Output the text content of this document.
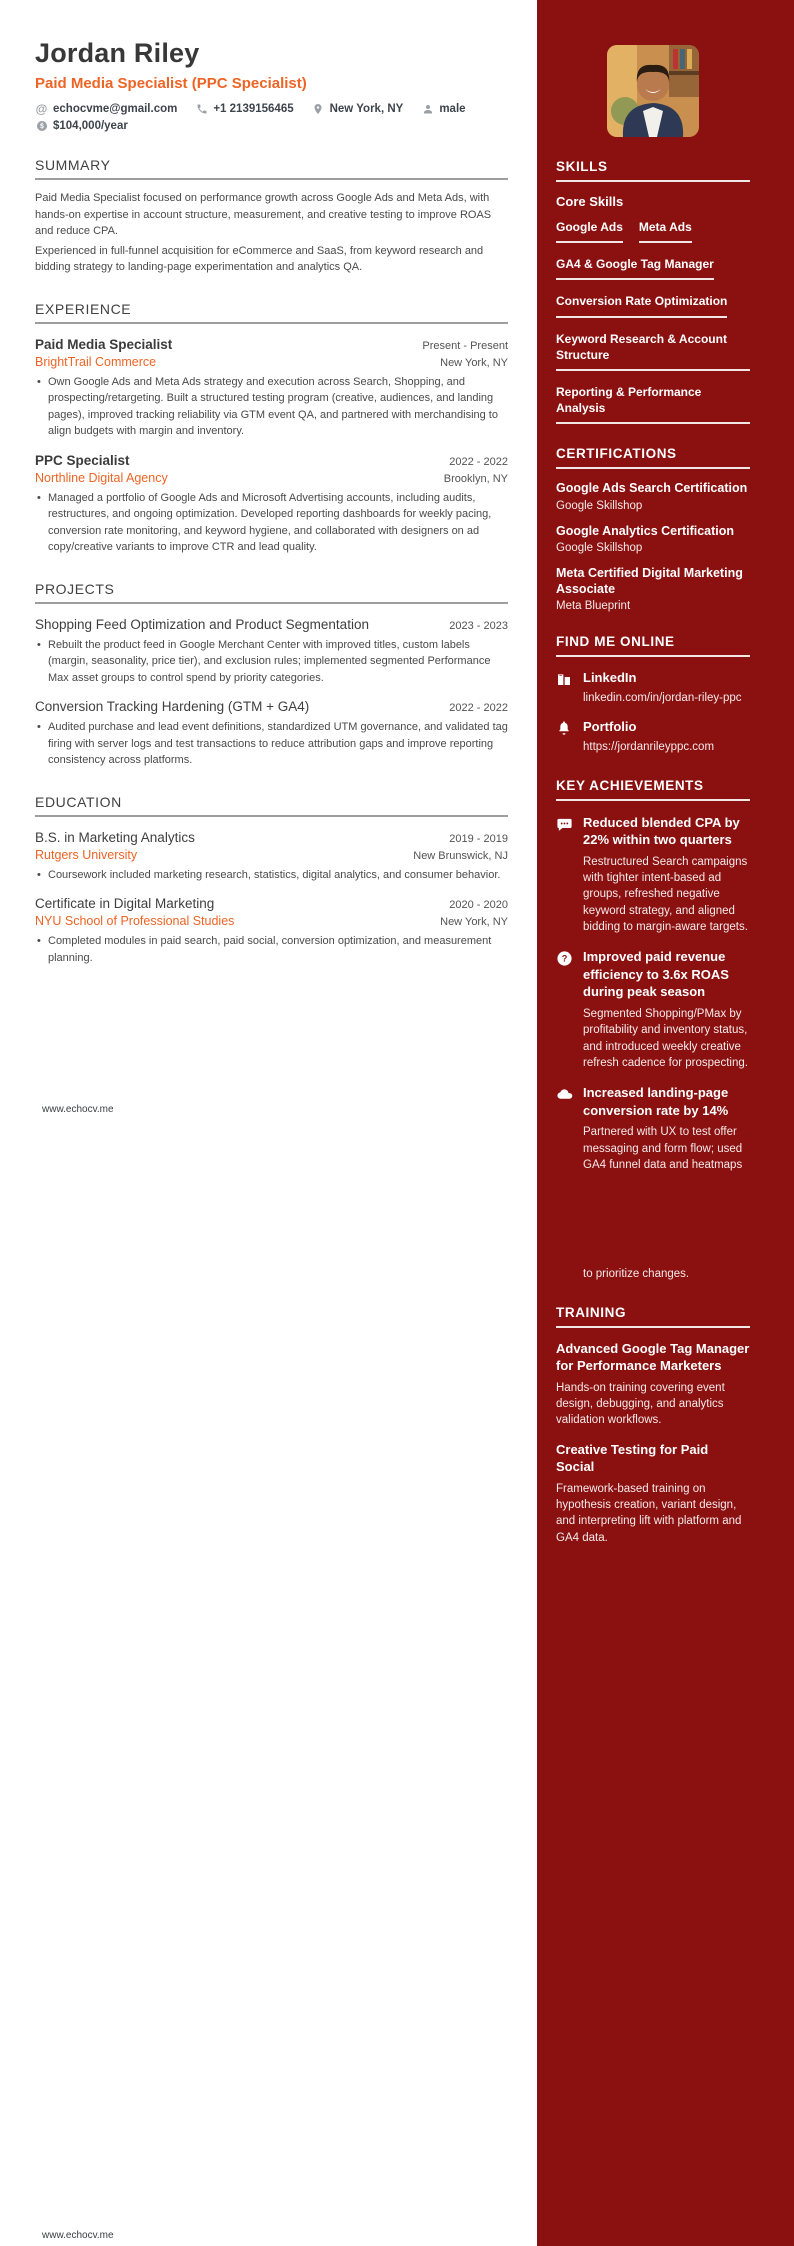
Jordan Riley
Paid Media Specialist (PPC Specialist)
@ echocvme@gmail.com	+1 2139156465	New York, NY	male
$104,000/year
SUMMARY

Paid Media Specialist focused on performance growth across Google Ads and Meta Ads, with hands-on expertise in account structure, measurement, and creative testing to improve ROAS and reduce CPA.

Experienced in full-funnel acquisition for eCommerce and SaaS, from keyword research and bidding strategy to landing-page experimentation and analytics QA.

EXPERIENCE
Paid Media Specialist	Present - Present
BrightTrail Commerce	New York, NY
• Own Google Ads and Meta Ads strategy and execution across Search, Shopping, and prospecting/retargeting. Built a structured testing program (creative, audiences, and landing pages), improved tracking reliability via GTM event QA, and partnered with merchandising to align budgets with margin and inventory.
PPC Specialist	2022 - 2022
Northline Digital Agency	Brooklyn, NY
• Managed a portfolio of Google Ads and Microsoft Advertising accounts, including audits, restructures, and ongoing optimization. Developed reporting dashboards for weekly pacing, conversion rate monitoring, and keyword hygiene, and collaborated with designers on ad copy/creative variants to improve CTR and lead quality.
PROJECTS
Shopping Feed Optimization and Product Segmentation	2023 - 2023
• Rebuilt the product feed in Google Merchant Center with improved titles, custom labels (margin, seasonality, price tier), and exclusion rules; implemented segmented Performance Max asset groups to control spend by priority categories.
Conversion Tracking Hardening (GTM + GA4)	2022 - 2022
• Audited purchase and lead event definitions, standardized UTM governance, and validated tag firing with server logs and test transactions to reduce attribution gaps and improve reporting consistency across platforms.
EDUCATION
B.S. in Marketing Analytics	2019 - 2019
Rutgers University	New Brunswick, NJ
• Coursework included marketing research, statistics, digital analytics, and consumer behavior.
Certificate in Digital Marketing	2020 - 2020
NYU School of Professional Studies	New York, NY
• Completed modules in paid search, paid social, conversion optimization, and measurement planning.
www.echocv.me
www.echocv.me
SKILLS
Core Skills
Google Ads Meta Ads
GA4 & Google Tag Manager
Conversion Rate Optimization
Keyword Research & Account Structure
Reporting & Performance Analysis
CERTIFICATIONS
Google Ads Search Certification
Google Skillshop
Google Analytics Certification
Google Skillshop
Meta Certified Digital Marketing Associate
Meta Blueprint
FIND ME ONLINE
LinkedIn
linkedin.com/in/jordan-riley-ppc
Portfolio
https://jordanrileyppc.com
KEY ACHIEVEMENTS
Reduced blended CPA by 22% within two quarters
Restructured Search campaigns with tighter intent-based ad groups, refreshed negative keyword strategy, and aligned bidding to margin-aware targets.
? Improved paid revenue efficiency to 3.6x ROAS during peak season
Segmented Shopping/PMax by profitability and inventory status, and introduced weekly creative refresh cadence for prospecting.
Increased landing-page conversion rate by 14%
Partnered with UX to test offer messaging and form flow; used GA4 funnel data and heatmaps
to prioritize changes.
TRAINING
Advanced Google Tag Manager for Performance Marketers
Hands-on training covering event design, debugging, and analytics validation workflows.
Creative Testing for Paid Social
Framework-based training on hypothesis creation, variant design, and interpreting lift with platform and GA4 data.
